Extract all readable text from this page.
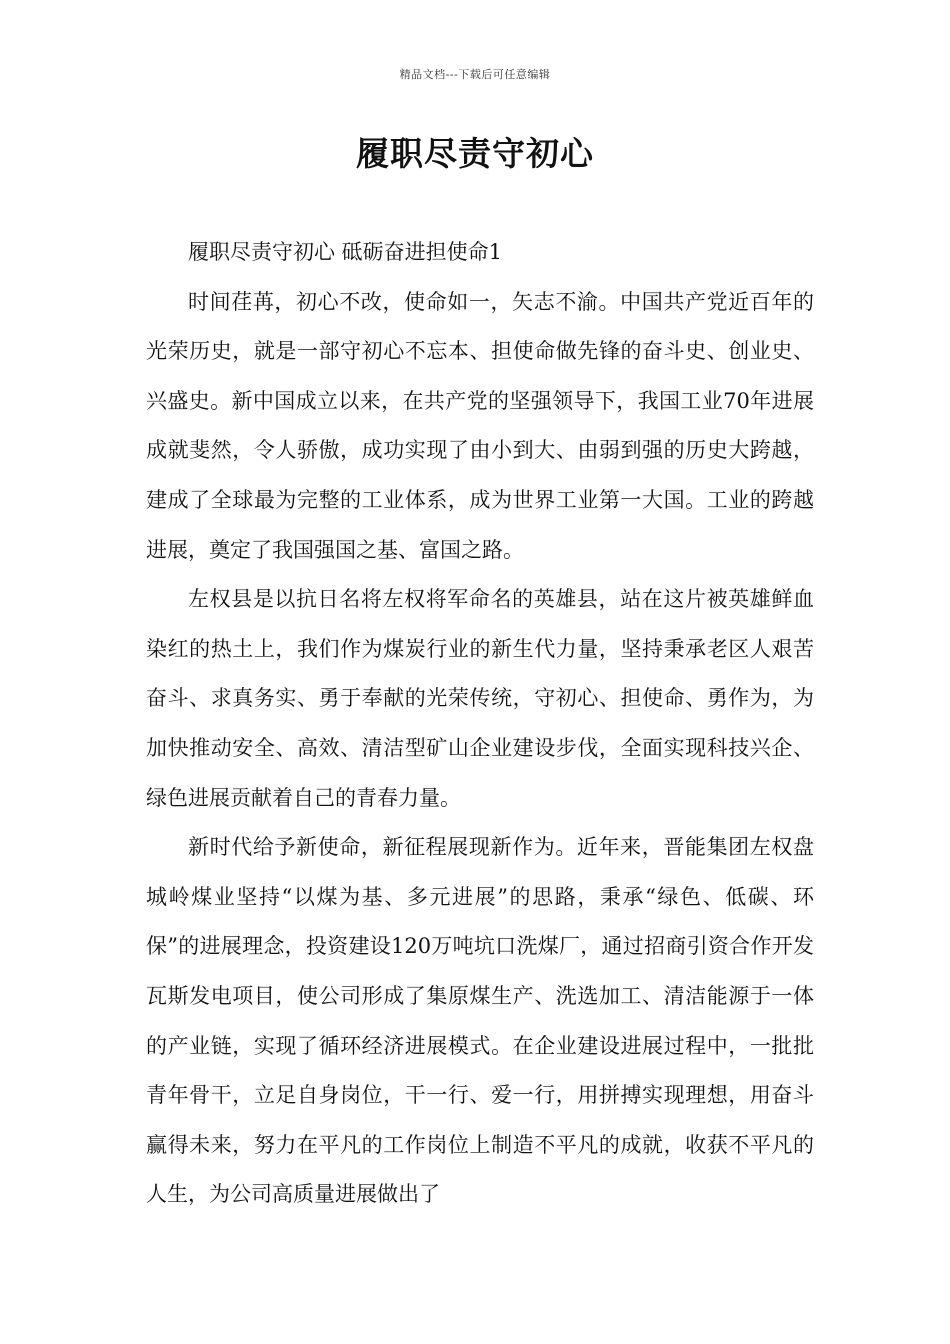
精品文档---下载后可任意编辑
履职尽责守初心

履职尽责守初心 砥砺奋进担使命1

时间荏苒，初心不改，使命如一，矢志不渝。中国共产党近百年的光荣历史，就是一部守初心不忘本、担使命做先锋的奋斗史、创业史、兴盛史。新中国成立以来，在共产党的坚强领导下，我国工业70年进展成就斐然，令人骄傲，成功实现了由小到大、由弱到强的历史大跨越，建成了全球最为完整的工业体系，成为世界工业第一大国。工业的跨越进展，奠定了我国强国之基、富国之路。

左权县是以抗日名将左权将军命名的英雄县，站在这片被英雄鲜血染红的热土上，我们作为煤炭行业的新生代力量，坚持秉承老区人艰苦奋斗、求真务实、勇于奉献的光荣传统，守初心、担使命、勇作为，为加快推动安全、高效、清洁型矿山企业建设步伐，全面实现科技兴企、绿色进展贡献着自己的青春力量。

新时代给予新使命，新征程展现新作为。近年来，晋能集团左权盘城岭煤业坚持“以煤为基、多元进展”的思路，秉承“绿色、低碳、环保”的进展理念，投资建设120万吨坑口洗煤厂，通过招商引资合作开发瓦斯发电项目，使公司形成了集原煤生产、洗选加工、清洁能源于一体的产业链，实现了循环经济进展模式。在企业建设进展过程中，一批批青年骨干，立足自身岗位，干一行、爱一行，用拼搏实现理想，用奋斗赢得未来，努力在平凡的工作岗位上制造不平凡的成就，收获不平凡的人生，为公司高质量进展做出了
